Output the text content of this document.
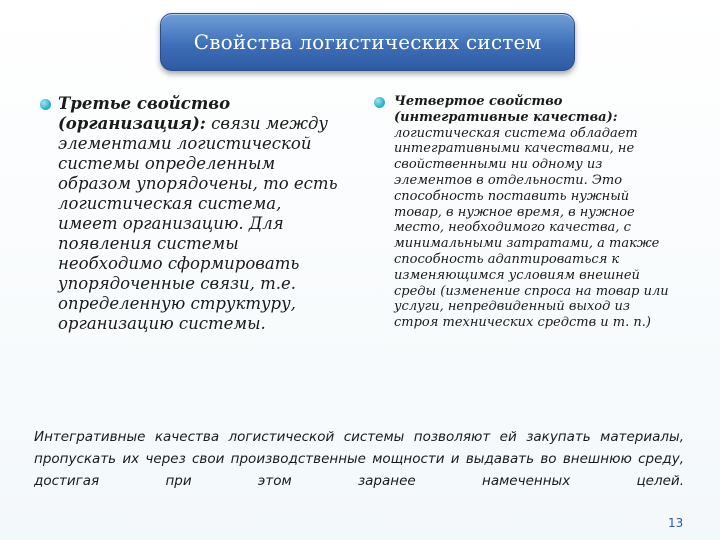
Свойства логистических систем
Третье свойство
(организация): связи между элементами логистической системы определенным образом упорядочены, то есть логистическая система, имеет организацию. Для появления системы необходимо сформировать упорядоченные связи, т.е. определенную структуру, организацию системы.
Четвертое свойство
(интегративные качества): логистическая система обладает интегративными качествами, не свойственными ни одному из элементов в отдельности. Это способность поставить нужный товар, в нужное время, в нужное место, необходимого качества, с минимальными затратами, а также способность адаптироваться к изменяющимся условиям внешней среды (изменение спроса на товар или услуги, непредвиденный выход из строя технических средств и т. п.)
Интегративные качества логистической системы позволяют ей закупать материалы, пропускать их через свои производственные мощности и выдавать во внешнюю среду, достигая при этом заранее намеченных целей.
13
